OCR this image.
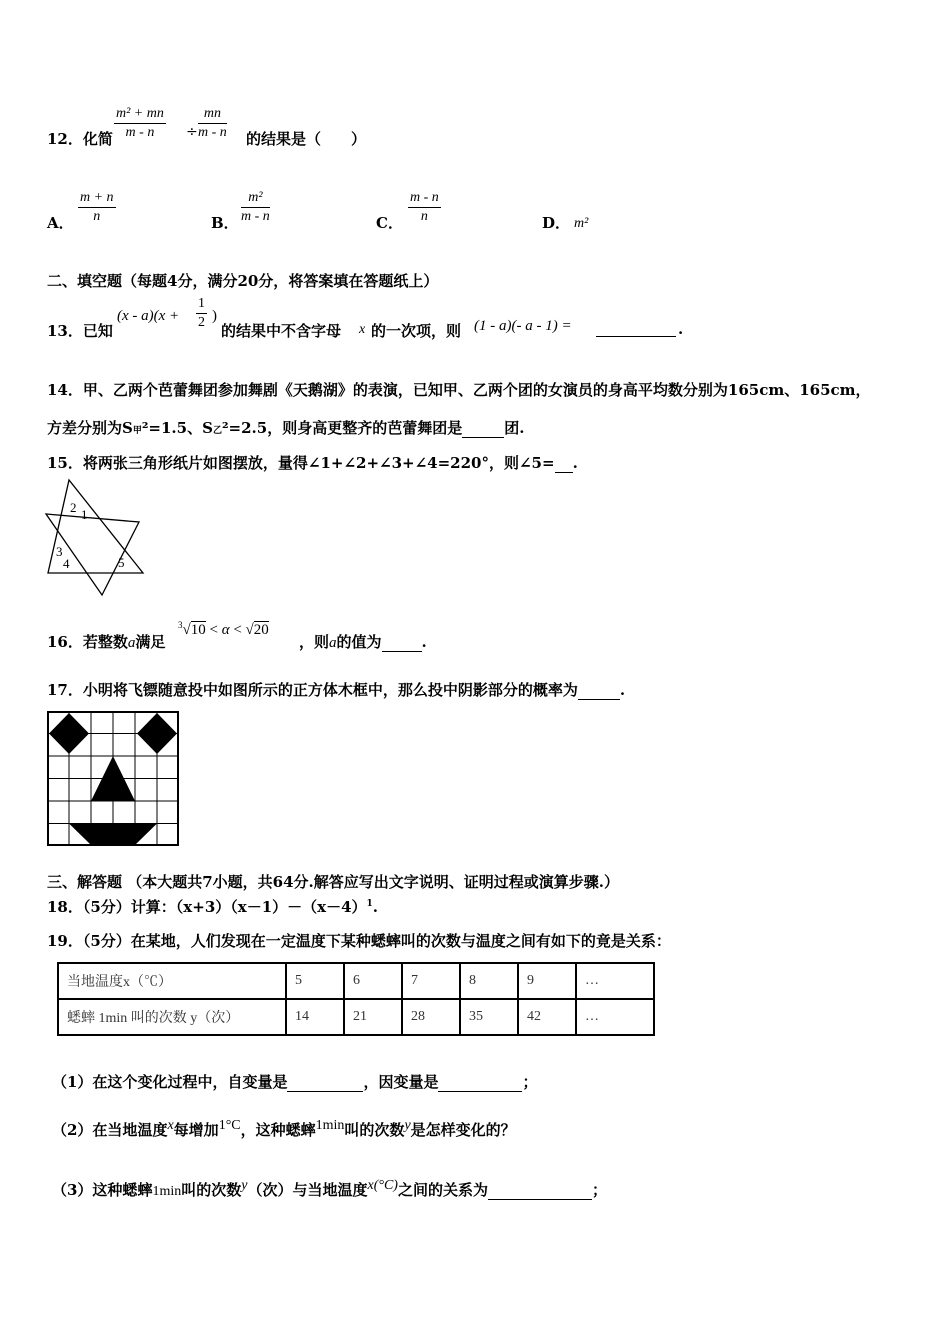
12．化简 $\frac{\text{m² + mn}}{m - n} \div \frac{mn}{m - n}$ 的结果是（　　）
A． $\frac{m + n}{n}$	B． $\frac{\text{m²}}{m - n}$	C． $\frac{m - n}{n}$	D． m²
二、填空题（每题4分，满分20分，将答案填在答题纸上）
13．已知
$(x - a)(x + \frac{1}{2}$ )
的结果中不含字母 x 的一次项，则 (1 - a)(- a - 1) =	.
14．甲、乙两个芭蕾舞团参加舞剧《天鹅湖》的表演，已知甲、乙两个团的女演员的身高平均数分别为165cm、165cm，
方差分别为S甲²=1.5、S乙²=2.5，则身高更整齐的芭蕾舞团是	团.
15．将两张三角形纸片如图摆放，量得∠1+∠2+∠3+∠4=220°，则∠5= .
2 1
3
4	5
16．若整数a满足
$^3$√10 < α < √20
，则a的值为	.
17．小明将飞镖随意投中如图所示的正方体木框中，那么投中阴影部分的概率为	.
三、解答题 （本大题共7小题，共64分.解答应写出文字说明、证明过程或演算步骤.）
18．（5分）计算：$(x+3)(x-1)-(x-4)^1$.
19．（5分）在某地，人们发现在一定温度下某种蟋蟀叫的次数与温度之间有如下的竟是关系：
当地温度x（℃）	5	6	7	8	9	…
蟋蟀 1min 叫的次数 y（次）	14	21	28	35	42	…
（1）在这个变化过程中，自变量是	，因变量是	；
（2）在当地温度$^x$每增加$^{1^\circ C}$，这种蟋蟀$^{1min}$叫的次数$^y$是怎样变化的？
（3）这种蟋蟀1min叫的次数$^y$（次）与当地温度$^{x(^\circ C)}$之间的关系为	；
